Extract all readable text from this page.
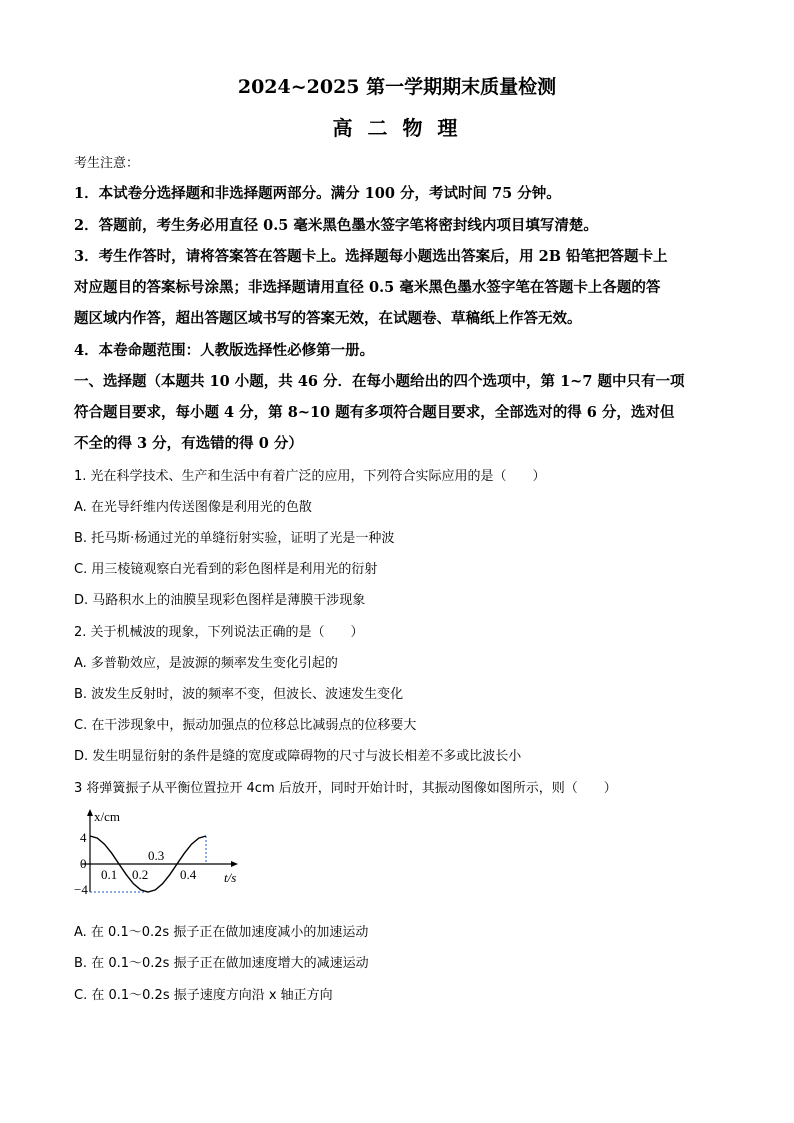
2024~2025 第一学期期末质量检测
高 二 物 理
考生注意：
1．本试卷分选择题和非选择题两部分。满分 100 分，考试时间 75 分钟。
2．答题前，考生务必用直径 0.5 毫米黑色墨水签字笔将密封线内项目填写清楚。
3．考生作答时，请将答案答在答题卡上。选择题每小题选出答案后，用 2B 铅笔把答题卡上
对应题目的答案标号涂黑；非选择题请用直径 0.5 毫米黑色墨水签字笔在答题卡上各题的答
题区域内作答，超出答题区域书写的答案无效，在试题卷、草稿纸上作答无效。
4．本卷命题范围：人教版选择性必修第一册。
一、选择题（本题共 10 小题，共 46 分．在每小题给出的四个选项中，第 1~7 题中只有一项
符合题目要求，每小题 4 分，第 8~10 题有多项符合题目要求，全部选对的得 6 分，选对但
不全的得 3 分，有选错的得 0 分）
1. 光在科学技术、生产和生活中有着广泛的应用，下列符合实际应用的是（　　）
A. 在光导纤维内传送图像是利用光的色散
B. 托马斯·杨通过光的单缝衍射实验，证明了光是一种波
C. 用三棱镜观察白光看到的彩色图样是利用光的衍射
D. 马路积水上的油膜呈现彩色图样是薄膜干涉现象
2. 关于机械波的现象，下列说法正确的是（　　）
A. 多普勒效应，是波源的频率发生变化引起的
B. 波发生反射时，波的频率不变，但波长、波速发生变化
C. 在干涉现象中，振动加强点的位移总比减弱点的位移要大
D. 发生明显衍射的条件是缝的宽度或障碍物的尺寸与波长相差不多或比波长小
3 将弹簧振子从平衡位置拉开 4cm 后放开，同时开始计时，其振动图像如图所示，则（　　）
x/cm
t/s
4
0
−4
0.1 0.2
0.3
0.4
A. 在 0.1～0.2s 振子正在做加速度减小的加速运动
B. 在 0.1～0.2s 振子正在做加速度增大的减速运动
C. 在 0.1～0.2s 振子速度方向沿 x 轴正方向
